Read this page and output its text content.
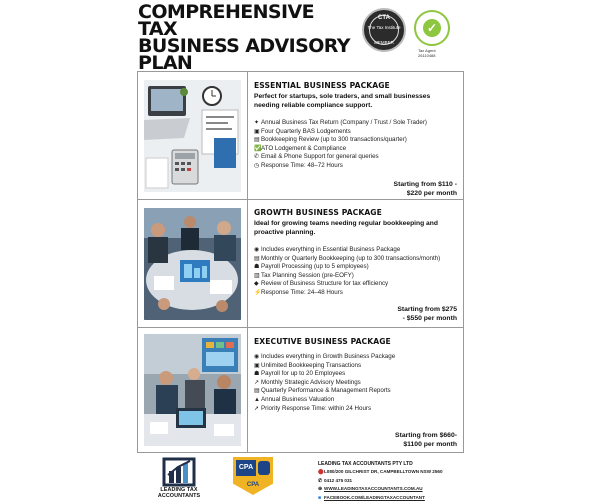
COMPREHENSIVE TAX
BUSINESS ADVISORY
PLAN
CTA
The Tax Institute
MEMBER
✓
Tax Agent
26110488
ESSENTIAL BUSINESS PACKAGE
Perfect for startups, sole traders, and small businesses needing reliable compliance support.
✦ Annual Business Tax Return (Company / Trust / Sole Trader)
▣Four Quarterly BAS Lodgements
▤Bookkeeping Review (up to 300 transactions/quarter)
✅ATO Lodgement & Compliance
✆ Email & Phone Support for general queries
◷ Response Time: 48–72 Hours
Starting from $110 -
$220 per month
GROWTH BUSINESS PACKAGE
Ideal for growing teams needing regular bookkeeping and proactive planning.
◉ Includes everything in Essential Business Package
▤Monthly or Quarterly Bookkeeping (up to 300 transactions/month)
☗ Payroll Processing (up to 5 employees)
▥Tax Planning Session (pre-EOFY)
◆ Review of Business Structure for tax efficiency
⚡Response Time: 24–48 Hours
Starting from $275
- $550 per month
EXECUTIVE BUSINESS PACKAGE
◉ Includes everything in Growth Business Package
▣Unlimited Bookkeeping Transactions
☗ Payroll for up to 20 Employees
↗ Monthly Strategic Advisory Meetings
▤Quarterly Performance & Management Reports
▲Annual Business Valuation
➚ Priority Response Time: within 24 Hours
Starting from $660-
$1100 per month
LEADING TAX ACCOUNTANTS
CPA
CPA
LEADING TAX ACCOUNTANTS PTY LTD
⬤L080/200 GILCHRIST DR, CAMPBELLTOWN NSW 2560
✆ 0412 475 031
⊕ WWW.LEADINGTAXACCOUNTANTS.COM.AU
■ FACEBOOK.COM/LEADINGTAXACCOUNTANT
